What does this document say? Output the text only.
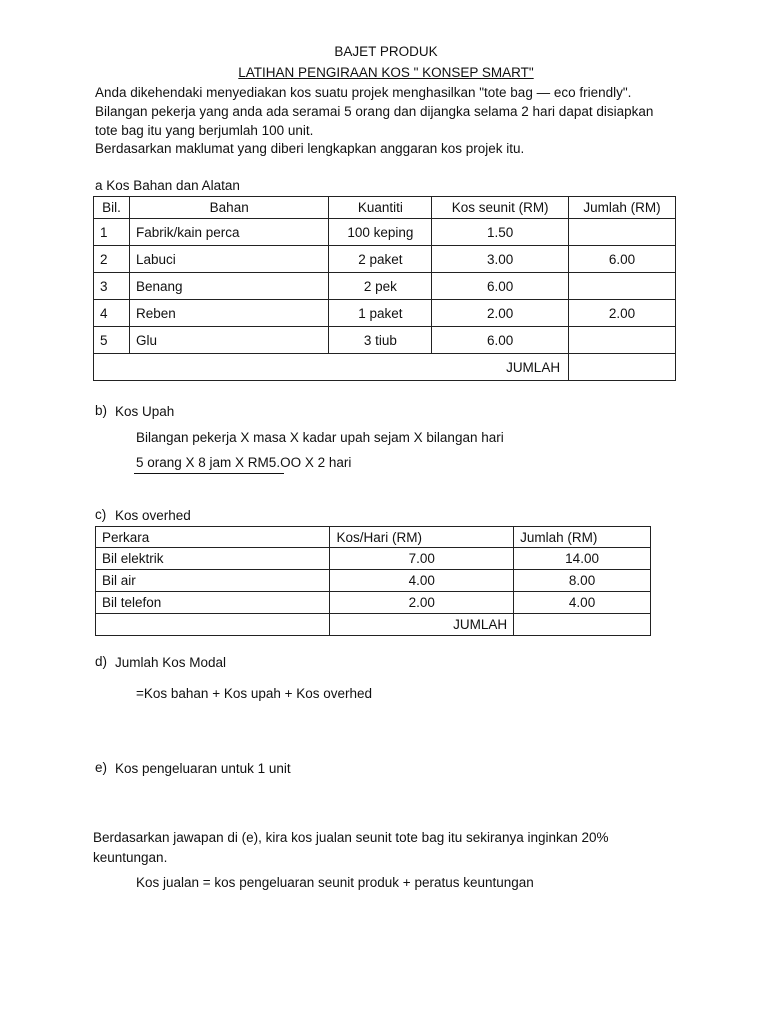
BAJET PRODUK
LATIHAN PENGIRAAN KOS " KONSEP SMART"
Anda dikehendaki menyediakan kos suatu projek menghasilkan "tote bag — eco friendly".
Bilangan pekerja yang anda ada seramai 5 orang dan dijangka selama 2 hari dapat disiapkan
tote bag itu yang berjumlah 100 unit.
Berdasarkan maklumat yang diberi lengkapkan anggaran kos projek itu.
a Kos Bahan dan Alatan
Bil.	Bahan	Kuantiti	Kos seunit (RM)	Jumlah (RM)
1	Fabrik/kain perca	100 keping	1.50	
2	Labuci	2 paket	3.00	6.00
3	Benang	2 pek	6.00	
4	Reben	1 paket	2.00	2.00
5	Glu	3 tiub	6.00	
JUMLAH				
b) Kos Upah
Bilangan pekerja X masa X kadar upah sejam X bilangan hari
5 orang X 8 jam X RM5.OO X 2 hari
c) Kos overhed
Perkara	Kos/Hari (RM)	Jumlah (RM)
Bil elektrik	7.00	14.00
Bil air	4.00	8.00
Bil telefon	2.00	4.00
	JUMLAH	
d) Jumlah Kos Modal
=Kos bahan + Kos upah + Kos overhed
e) Kos pengeluaran untuk 1 unit
Berdasarkan jawapan di (e), kira kos jualan seunit tote bag itu sekiranya inginkan 20%
keuntungan.
Kos jualan = kos pengeluaran seunit produk + peratus keuntungan
